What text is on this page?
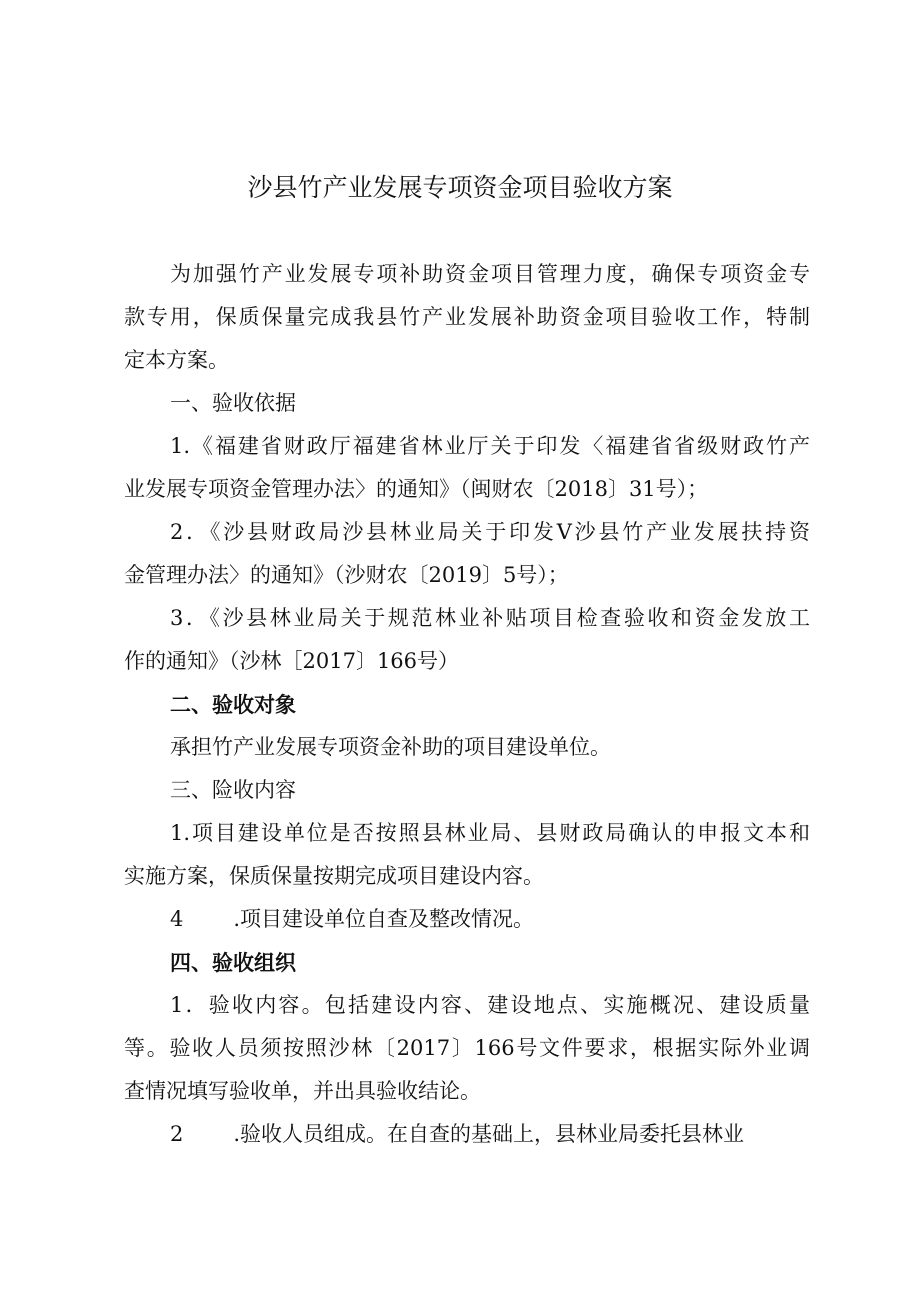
沙县竹产业发展专项资金项目验收方案
为加强竹产业发展专项补助资金项目管理力度，确保专项资金专
款专用，保质保量完成我县竹产业发展补助资金项目验收工作，特制
定本方案。
一、验收依据
1.《福建省财政厅福建省林业厅关于印发〈福建省省级财政竹产
业发展专项资金管理办法〉的通知》（闽财农〔2018〕31号）；
2．《沙县财政局沙县林业局关于印发V沙县竹产业发展扶持资
金管理办法〉的通知》（沙财农〔2019〕5号）；
3．《沙县林业局关于规范林业补贴项目检查验收和资金发放工
作的通知》（沙林［2017〕166号）
二、验收对象
承担竹产业发展专项资金补助的项目建设单位。
三、险收内容
1.项目建设单位是否按照县林业局、县财政局确认的申报文本和
实施方案，保质保量按期完成项目建设内容。
4 .项目建设单位自查及整改情况。
四、验收组织
1．验收内容。包括建设内容、建设地点、实施概况、建设质量
等。验收人员须按照沙林〔2017〕166号文件要求，根据实际外业调
查情况填写验收单，并出具验收结论。
2 .验收人员组成。在自查的基础上，县林业局委托县林业
